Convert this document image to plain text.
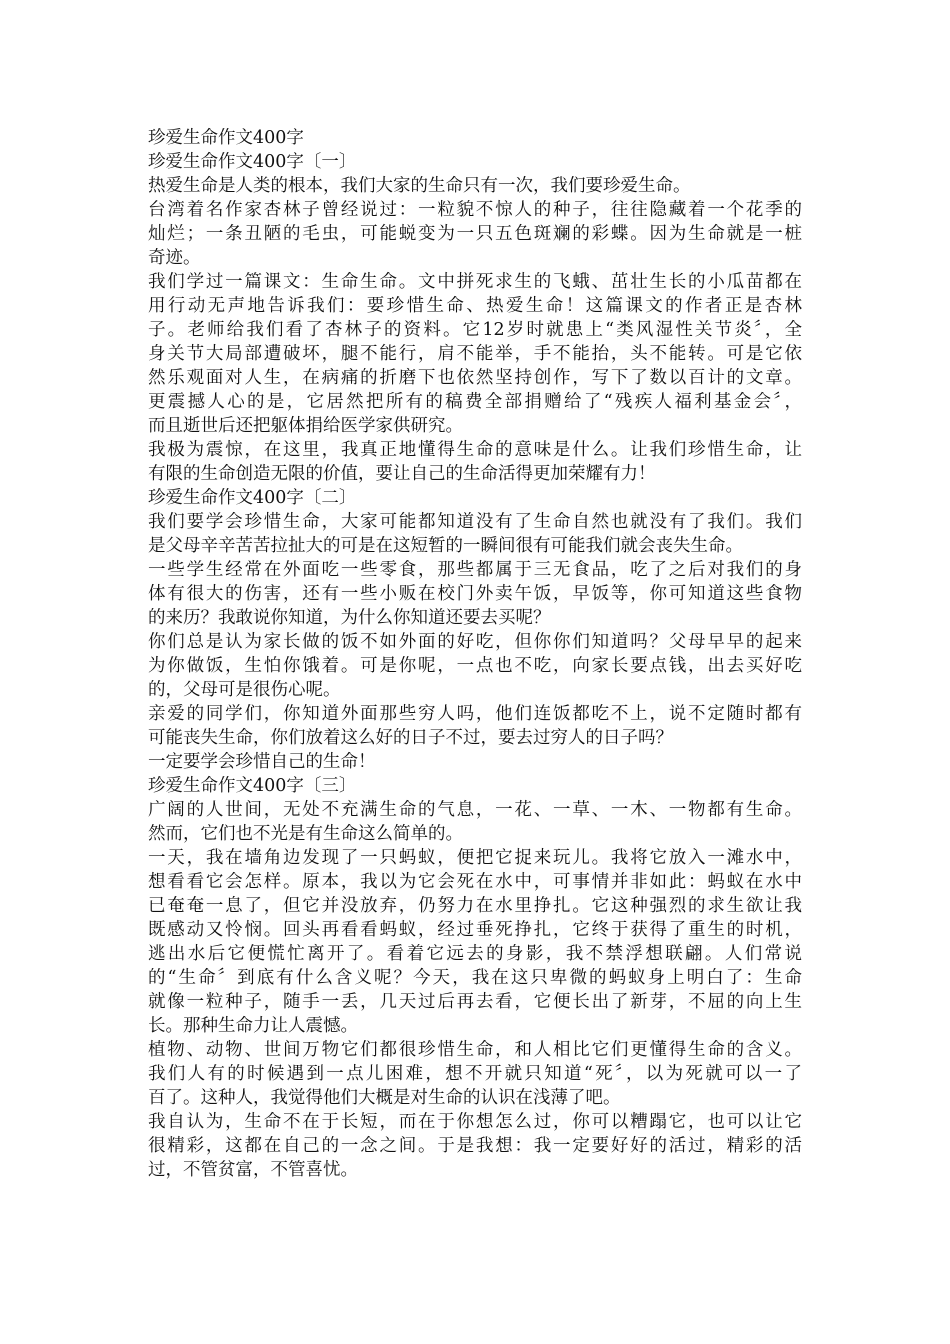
珍爱生命作文400字
珍爱生命作文400字〔一〕
热爱生命是人类的根本，我们大家的生命只有一次，我们要珍爱生命。
台湾着名作家杏林子曾经说过：一粒貌不惊人的种子，往往隐藏着一个花季的
灿烂；一条丑陋的毛虫，可能蜕变为一只五色斑斓的彩蝶。因为生命就是一桩
奇迹。
我们学过一篇课文：生命生命。文中拼死求生的飞蛾、茁壮生长的小瓜苗都在
用行动无声地告诉我们：要珍惜生命、热爱生命！这篇课文的作者正是杏林
子。老师给我们看了杏林子的资料。它12岁时就患上“类风湿性关节炎〞，全
身关节大局部遭破坏，腿不能行，肩不能举，手不能抬，头不能转。可是它依
然乐观面对人生，在病痛的折磨下也依然坚持创作，写下了数以百计的文章。
更震撼人心的是，它居然把所有的稿费全部捐赠给了“残疾人福利基金会〞，
而且逝世后还把躯体捐给医学家供研究。
我极为震惊，在这里，我真正地懂得生命的意味是什么。让我们珍惜生命，让
有限的生命创造无限的价值，要让自己的生命活得更加荣耀有力！
珍爱生命作文400字〔二〕
我们要学会珍惜生命，大家可能都知道没有了生命自然也就没有了我们。我们
是父母辛辛苦苦拉扯大的可是在这短暂的一瞬间很有可能我们就会丧失生命。
一些学生经常在外面吃一些零食，那些都属于三无食品，吃了之后对我们的身
体有很大的伤害，还有一些小贩在校门外卖午饭，早饭等，你可知道这些食物
的来历？我敢说你知道，为什么你知道还要去买呢？
你们总是认为家长做的饭不如外面的好吃，但你你们知道吗？父母早早的起来
为你做饭，生怕你饿着。可是你呢，一点也不吃，向家长要点钱，出去买好吃
的，父母可是很伤心呢。
亲爱的同学们，你知道外面那些穷人吗，他们连饭都吃不上，说不定随时都有
可能丧失生命，你们放着这么好的日子不过，要去过穷人的日子吗？
一定要学会珍惜自己的生命！
珍爱生命作文400字〔三〕
广阔的人世间，无处不充满生命的气息，一花、一草、一木、一物都有生命。
然而，它们也不光是有生命这么简单的。
一天，我在墙角边发现了一只蚂蚁，便把它捉来玩儿。我将它放入一滩水中，
想看看它会怎样。原本，我以为它会死在水中，可事情并非如此：蚂蚁在水中
已奄奄一息了，但它并没放弃，仍努力在水里挣扎。它这种强烈的求生欲让我
既感动又怜悯。回头再看看蚂蚁，经过垂死挣扎，它终于获得了重生的时机，
逃出水后它便慌忙离开了。看着它远去的身影，我不禁浮想联翩。人们常说
的“生命〞到底有什么含义呢？今天，我在这只卑微的蚂蚁身上明白了：生命
就像一粒种子，随手一丢，几天过后再去看，它便长出了新芽，不屈的向上生
长。那种生命力让人震憾。
植物、动物、世间万物它们都很珍惜生命，和人相比它们更懂得生命的含义。
我们人有的时候遇到一点儿困难，想不开就只知道“死〞，以为死就可以一了
百了。这种人，我觉得他们大概是对生命的认识在浅薄了吧。
我自认为，生命不在于长短，而在于你想怎么过，你可以糟蹋它，也可以让它
很精彩，这都在自己的一念之间。于是我想：我一定要好好的活过，精彩的活
过，不管贫富，不管喜忧。
